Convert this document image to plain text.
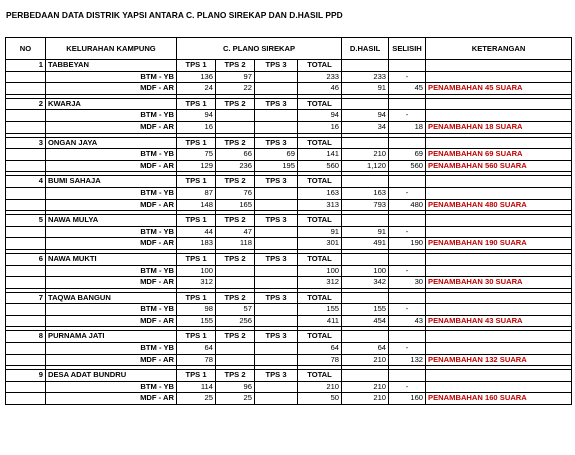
PERBEDAAN DATA DISTRIK YAPSI ANTARA C. PLANO SIREKAP DAN D.HASIL PPD
NO	KELURAHAN KAMPUNG	C. PLANO SIREKAP				D.HASIL	SELISIH	KETERANGAN
1	TABBEYAN	TPS 1	TPS 2	TPS 3	TOTAL			
	BTM - YB	136	97		233	233	-	
	MDF - AR	24	22		46	91	45	PENAMBAHAN 45 SUARA

2	KWARJA	TPS 1	TPS 2	TPS 3	TOTAL			
	BTM - YB	94			94	94	-	
	MDF - AR	16			16	34	18	PENAMBAHAN 18 SUARA

3	ONGAN JAYA	TPS 1	TPS 2	TPS 3	TOTAL			
	BTM - YB	75	66	69	141	210	69	PENAMBAHAN 69 SUARA
	MDF - AR	129	236	195	560	1,120	560	PENAMBAHAN 560 SUARA

4	BUMI SAHAJA	TPS 1	TPS 2	TPS 3	TOTAL			
	BTM - YB	87	76		163	163	-	
	MDF - AR	148	165		313	793	480	PENAMBAHAN 480 SUARA

5	NAWA MULYA	TPS 1	TPS 2	TPS 3	TOTAL			
	BTM - YB	44	47		91	91	-	
	MDF - AR	183	118		301	491	190	PENAMBAHAN 190 SUARA

6	NAWA MUKTI	TPS 1	TPS 2	TPS 3	TOTAL			
	BTM - YB	100			100	100	-	
	MDF - AR	312			312	342	30	PENAMBAHAN 30 SUARA

7	TAQWA BANGUN	TPS 1	TPS 2	TPS 3	TOTAL			
	BTM - YB	98	57		155	155	-	
	MDF - AR	155	256		411	454	43	PENAMBAHAN 43 SUARA

8	PURNAMA JATI	TPS 1	TPS 2	TPS 3	TOTAL			
	BTM - YB	64			64	64	-	
	MDF - AR	78			78	210	132	PENAMBAHAN 132 SUARA

9	DESA ADAT BUNDRU	TPS 1	TPS 2	TPS 3	TOTAL			
	BTM - YB	114	96		210	210	-	
	MDF - AR	25	25		50	210	160	PENAMBAHAN 160 SUARA
